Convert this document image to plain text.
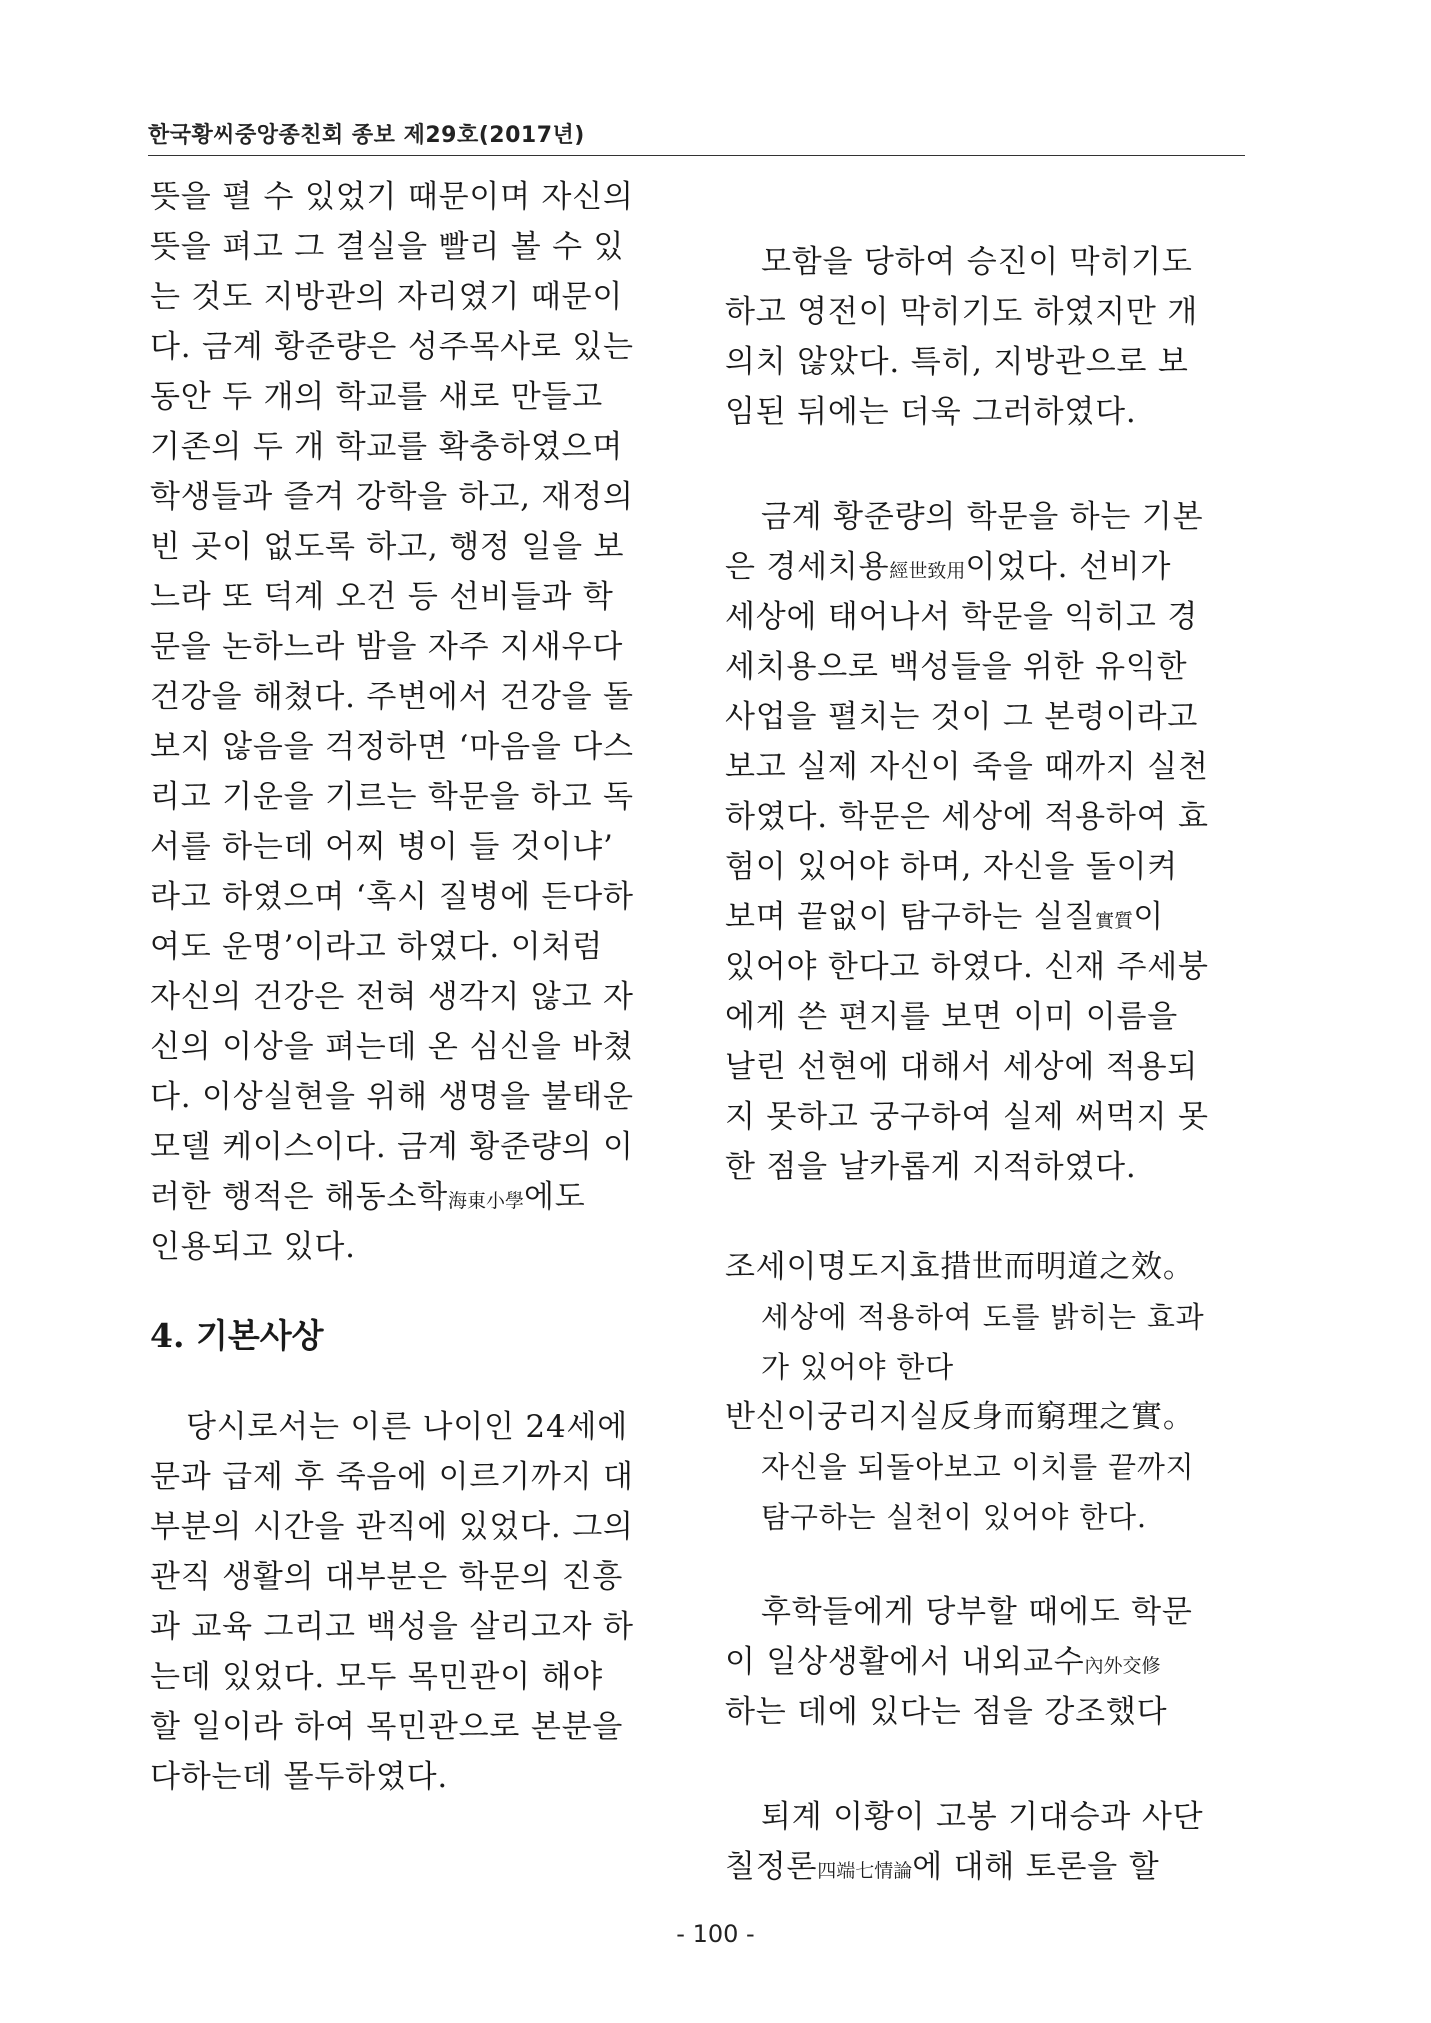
한국황씨중앙종친회 종보 제29호(2017년)
뜻을 펼 수 있었기 때문이며 자신의
뜻을 펴고 그 결실을 빨리 볼 수 있
는 것도 지방관의 자리였기 때문이
다. 금계 황준량은 성주목사로 있는
동안 두 개의 학교를 새로 만들고
기존의 두 개 학교를 확충하였으며
학생들과 즐겨 강학을 하고, 재정의
빈 곳이 없도록 하고, 행정 일을 보
느라 또 덕계 오건 등 선비들과 학
문을 논하느라 밤을 자주 지새우다
건강을 해쳤다. 주변에서 건강을 돌
보지 않음을 걱정하면 ‘마음을 다스
리고 기운을 기르는 학문을 하고 독
서를 하는데 어찌 병이 들 것이냐’
라고 하였으며 ‘혹시 질병에 든다하
여도 운명’이라고 하였다. 이처럼
자신의 건강은 전혀 생각지 않고 자
신의 이상을 펴는데 온 심신을 바쳤
다. 이상실현을 위해 생명을 불태운
모델 케이스이다. 금계 황준량의 이
러한 행적은 해동소학海東小學에도
인용되고 있다.
4. 기본사상
당시로서는 이른 나이인 24세에
문과 급제 후 죽음에 이르기까지 대
부분의 시간을 관직에 있었다. 그의
관직 생활의 대부분은 학문의 진흥
과 교육 그리고 백성을 살리고자 하
는데 있었다. 모두 목민관이 해야
할 일이라 하여 목민관으로 본분을
다하는데 몰두하였다.
모함을 당하여 승진이 막히기도
하고 영전이 막히기도 하였지만 개
의치 않았다. 특히, 지방관으로 보
임된 뒤에는 더욱 그러하였다.
금계 황준량의 학문을 하는 기본
은 경세치용經世致用이었다. 선비가
세상에 태어나서 학문을 익히고 경
세치용으로 백성들을 위한 유익한
사업을 펼치는 것이 그 본령이라고
보고 실제 자신이 죽을 때까지 실천
하였다. 학문은 세상에 적용하여 효
험이 있어야 하며, 자신을 돌이켜
보며 끝없이 탐구하는 실질實質이
있어야 한다고 하였다. 신재 주세붕
에게 쓴 편지를 보면 이미 이름을
날린 선현에 대해서 세상에 적용되
지 못하고 궁구하여 실제 써먹지 못
한 점을 날카롭게 지적하였다.
조세이명도지효措世而明道之效。
세상에 적용하여 도를 밝히는 효과
가 있어야 한다
반신이궁리지실反身而窮理之實。
자신을 되돌아보고 이치를 끝까지
탐구하는 실천이 있어야 한다.
후학들에게 당부할 때에도 학문
이 일상생활에서 내외교수內外交修
하는 데에 있다는 점을 강조했다
퇴계 이황이 고봉 기대승과 사단
칠정론四端七情論에 대해 토론을 할
- 100 -
